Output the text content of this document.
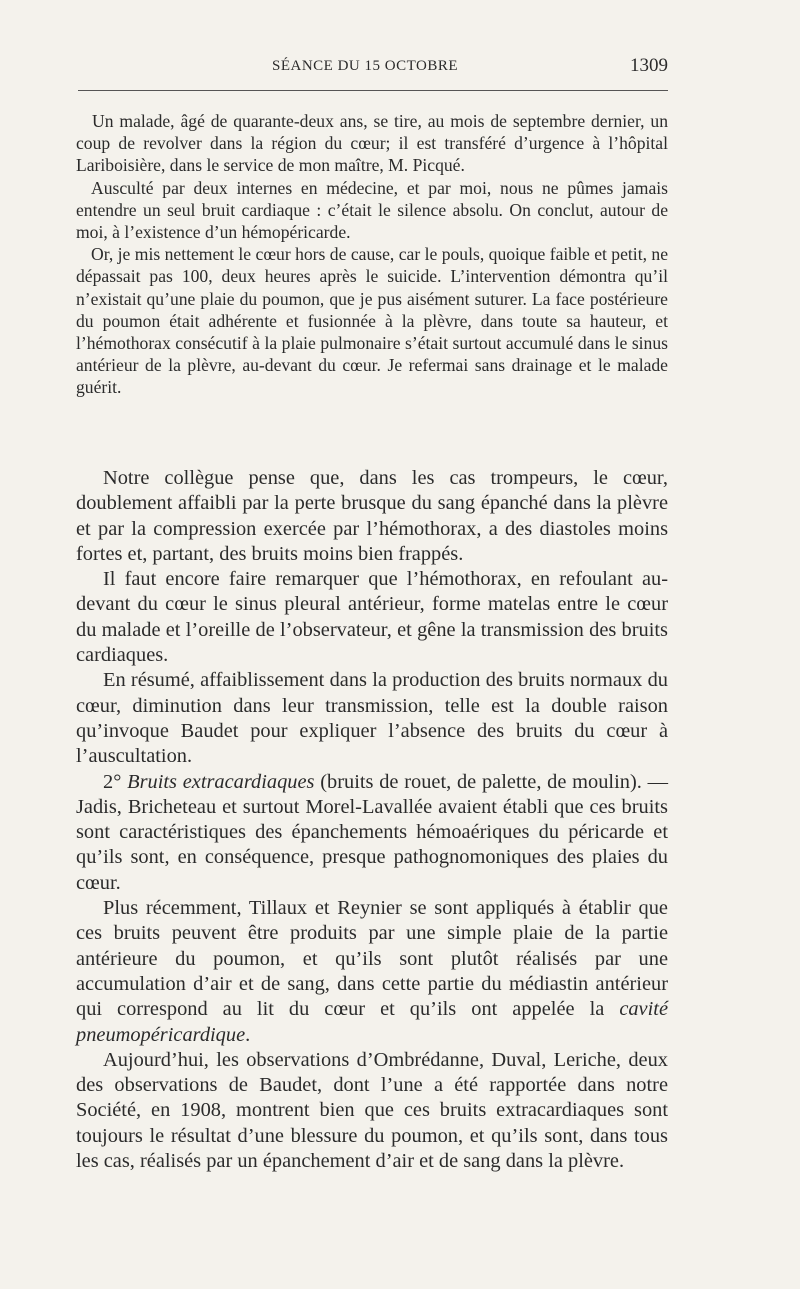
SÉANCE DU 15 OCTOBRE	1309

Un malade, âgé de quarante-deux ans, se tire, au mois de septembre dernier, un coup de revolver dans la région du cœur; il est transféré d’urgence à l’hôpital Lariboisière, dans le service de mon maître, M. Picqué.

Ausculté par deux internes en médecine, et par moi, nous ne pûmes jamais entendre un seul bruit cardiaque : c’était le silence absolu. On conclut, autour de moi, à l’existence d’un hémopéricarde.

Or, je mis nettement le cœur hors de cause, car le pouls, quoique faible et petit, ne dépassait pas 100, deux heures après le suicide. L’intervention démontra qu’il n’existait qu’une plaie du poumon, que je pus aisément suturer. La face postérieure du poumon était adhérente et fusionnée à la plèvre, dans toute sa hauteur, et l’hémothorax consécutif à la plaie pulmonaire s’était surtout accumulé dans le sinus antérieur de la plèvre, au-devant du cœur. Je refermai sans drainage et le malade guérit.

Notre collègue pense que, dans les cas trompeurs, le cœur, doublement affaibli par la perte brusque du sang épanché dans la plèvre et par la compression exercée par l’hémothorax, a des diastoles moins fortes et, partant, des bruits moins bien frappés.

Il faut encore faire remarquer que l’hémothorax, en refoulant au-devant du cœur le sinus pleural antérieur, forme matelas entre le cœur du malade et l’oreille de l’observateur, et gêne la transmission des bruits cardiaques.

En résumé, affaiblissement dans la production des bruits normaux du cœur, diminution dans leur transmission, telle est la double raison qu’invoque Baudet pour expliquer l’absence des bruits du cœur à l’auscultation.

2° Bruits extracardiaques (bruits de rouet, de palette, de moulin). — Jadis, Bricheteau et surtout Morel-Lavallée avaient établi que ces bruits sont caractéristiques des épanchements hémoaériques du péricarde et qu’ils sont, en conséquence, presque pathognomoniques des plaies du cœur.

Plus récemment, Tillaux et Reynier se sont appliqués à établir que ces bruits peuvent être produits par une simple plaie de la partie antérieure du poumon, et qu’ils sont plutôt réalisés par une accumulation d’air et de sang, dans cette partie du médiastin antérieur qui correspond au lit du cœur et qu’ils ont appelée la cavité pneumopéricardique.

Aujourd’hui, les observations d’Ombrédanne, Duval, Leriche, deux des observations de Baudet, dont l’une a été rapportée dans notre Société, en 1908, montrent bien que ces bruits extracardiaques sont toujours le résultat d’une blessure du poumon, et qu’ils sont, dans tous les cas, réalisés par un épanchement d’air et de sang dans la plèvre.
